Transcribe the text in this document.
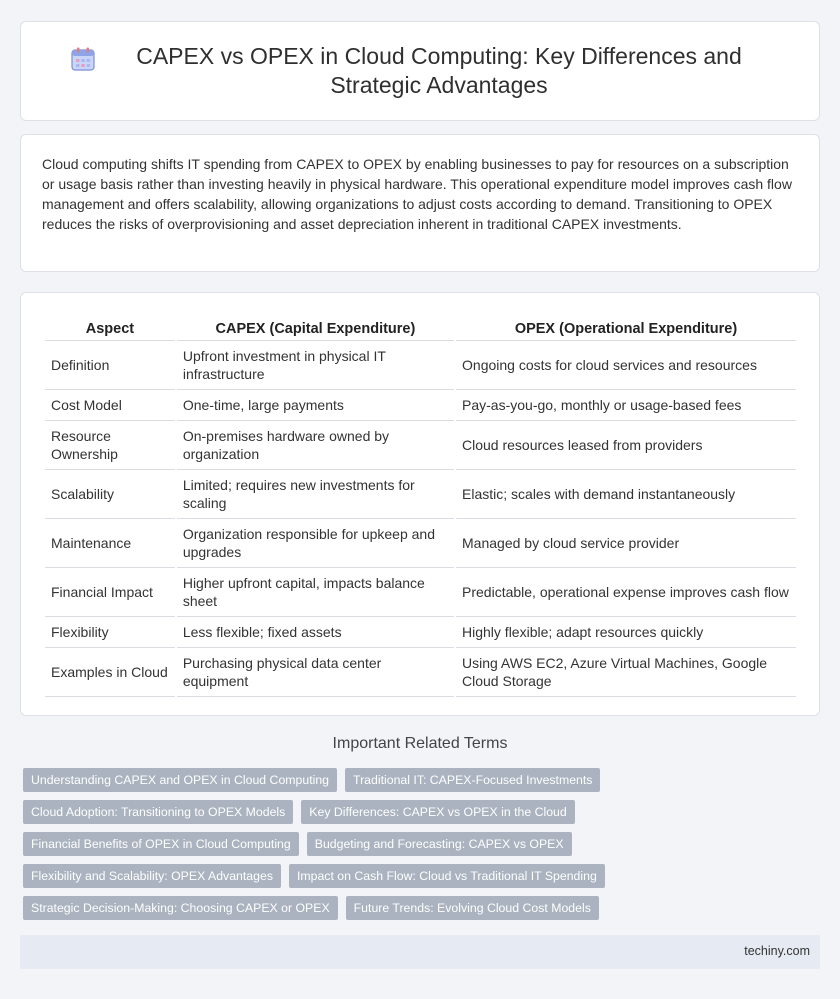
CAPEX vs OPEX in Cloud Computing: Key Differences and Strategic Advantages

Cloud computing shifts IT spending from CAPEX to OPEX by enabling businesses to pay for resources on a subscription or usage basis rather than investing heavily in physical hardware. This operational expenditure model improves cash flow management and offers scalability, allowing organizations to adjust costs according to demand. Transitioning to OPEX reduces the risks of overprovisioning and asset depreciation inherent in traditional CAPEX investments.

Aspect	CAPEX (Capital Expenditure)	OPEX (Operational Expenditure)
Definition	Upfront investment in physical IT infrastructure	Ongoing costs for cloud services and resources
Cost Model	One-time, large payments	Pay-as-you-go, monthly or usage-based fees
Resource Ownership	On-premises hardware owned by organization	Cloud resources leased from providers
Scalability	Limited; requires new investments for scaling	Elastic; scales with demand instantaneously
Maintenance	Organization responsible for upkeep and upgrades	Managed by cloud service provider
Financial Impact	Higher upfront capital, impacts balance sheet	Predictable, operational expense improves cash flow
Flexibility	Less flexible; fixed assets	Highly flexible; adapt resources quickly
Examples in Cloud	Purchasing physical data center equipment	Using AWS EC2, Azure Virtual Machines, Google Cloud Storage
Important Related Terms
Understanding CAPEX and OPEX in Cloud Computing	Traditional IT: CAPEX-Focused Investments
Cloud Adoption: Transitioning to OPEX Models	Key Differences: CAPEX vs OPEX in the Cloud
Financial Benefits of OPEX in Cloud Computing	Budgeting and Forecasting: CAPEX vs OPEX
Flexibility and Scalability: OPEX Advantages	Impact on Cash Flow: Cloud vs Traditional IT Spending
Strategic Decision-Making: Choosing CAPEX or OPEX	Future Trends: Evolving Cloud Cost Models
techiny.com
